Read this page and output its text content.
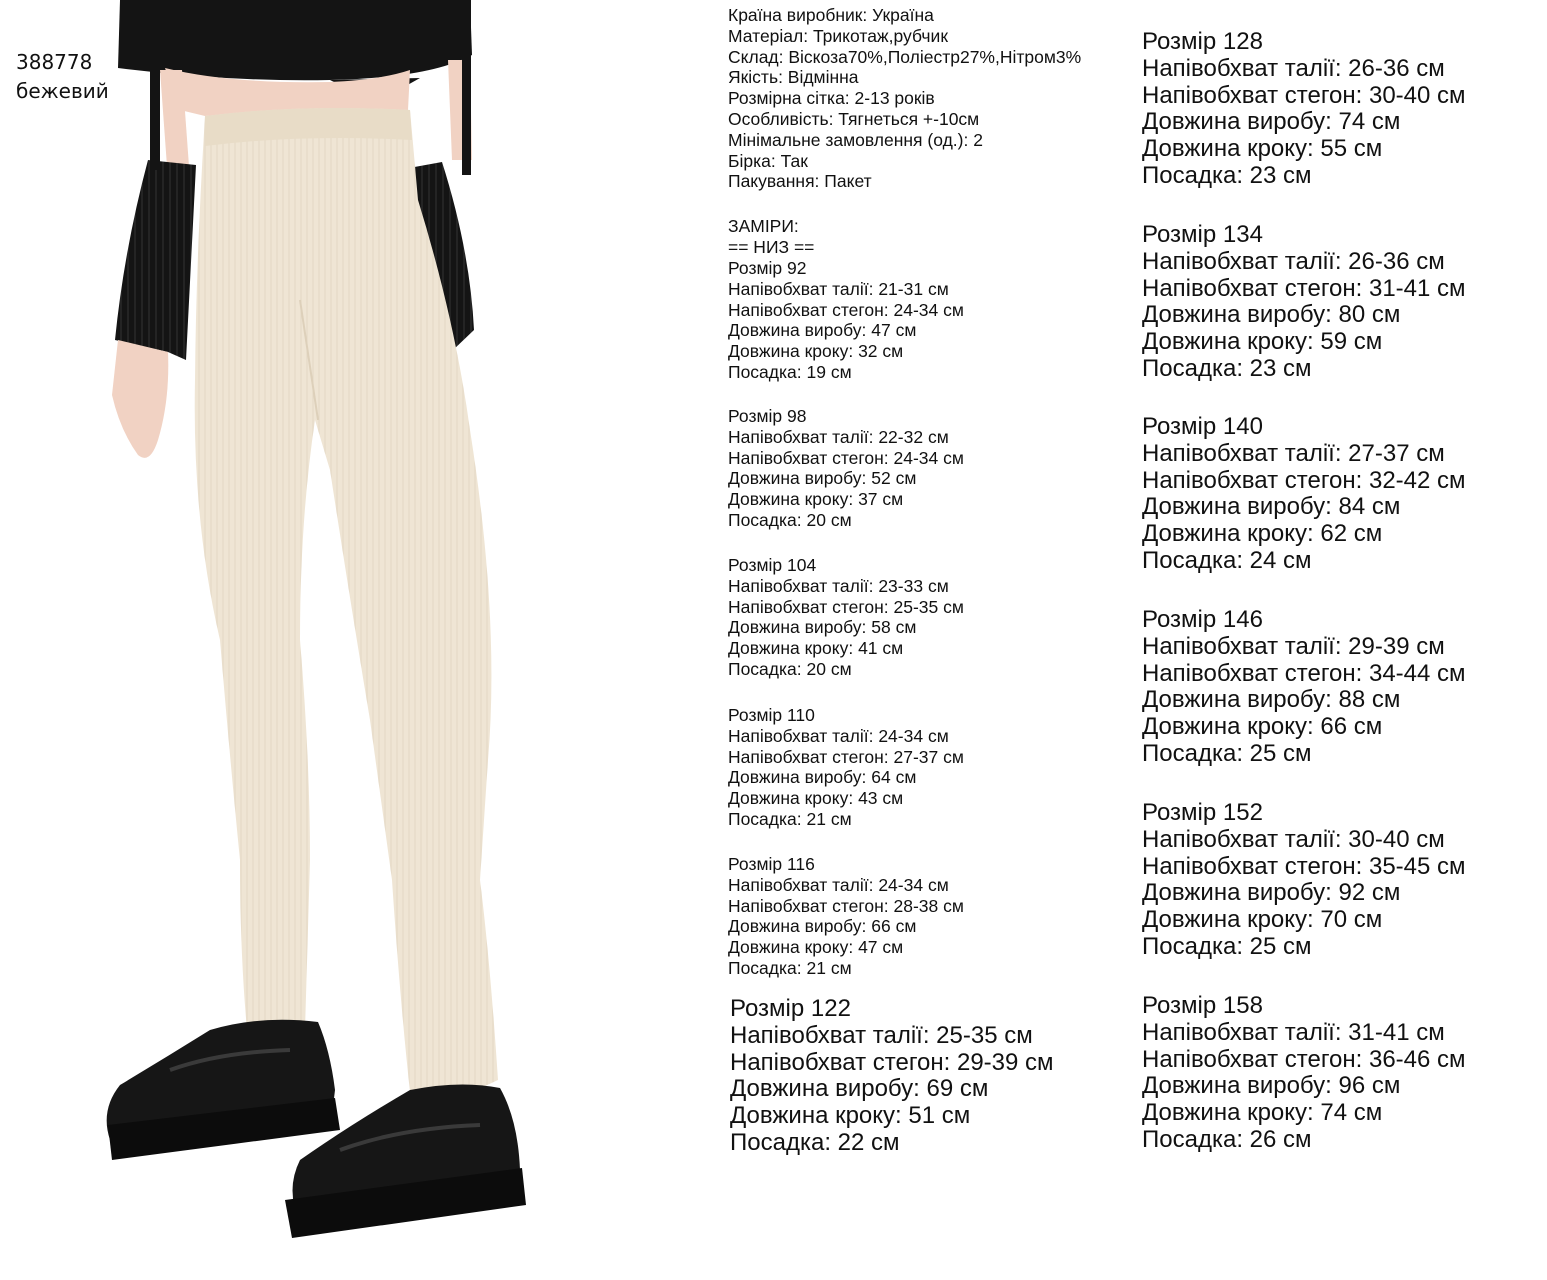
388778
бежевий
Країна виробник: Україна
Матеріал: Трикотаж,рубчик
Склад: Віскоза70%,Поліестр27%,Нітром3%
Якість: Відмінна
Розмірна сітка: 2-13 років
Особливість: Тягнеться +-10см
Мінімальне замовлення (од.): 2
Бірка: Так
Пакування: Пакет
ЗАМІРИ:
== НИЗ ==
Розмір 92
Напівобхват талії: 21-31 см
Напівобхват стегон: 24-34 см
Довжина виробу: 47 см
Довжина кроку: 32 см
Посадка: 19 см
Розмір 98
Напівобхват талії: 22-32 см
Напівобхват стегон: 24-34 см
Довжина виробу: 52 см
Довжина кроку: 37 см
Посадка: 20 см
Розмір 104
Напівобхват талії: 23-33 см
Напівобхват стегон: 25-35 см
Довжина виробу: 58 см
Довжина кроку: 41 см
Посадка: 20 см
Розмір 110
Напівобхват талії: 24-34 см
Напівобхват стегон: 27-37 см
Довжина виробу: 64 см
Довжина кроку: 43 см
Посадка: 21 см
Розмір 116
Напівобхват талії: 24-34 см
Напівобхват стегон: 28-38 см
Довжина виробу: 66 см
Довжина кроку: 47 см
Посадка: 21 см
Розмір 122
Напівобхват талії: 25-35 см
Напівобхват стегон: 29-39 см
Довжина виробу: 69 см
Довжина кроку: 51 см
Посадка: 22 см
Розмір 128
Напівобхват талії: 26-36 см
Напівобхват стегон: 30-40 см
Довжина виробу: 74 см
Довжина кроку: 55 см
Посадка: 23 см
Розмір 134
Напівобхват талії: 26-36 см
Напівобхват стегон: 31-41 см
Довжина виробу: 80 см
Довжина кроку: 59 см
Посадка: 23 см
Розмір 140
Напівобхват талії: 27-37 см
Напівобхват стегон: 32-42 см
Довжина виробу: 84 см
Довжина кроку: 62 см
Посадка: 24 см
Розмір 146
Напівобхват талії: 29-39 см
Напівобхват стегон: 34-44 см
Довжина виробу: 88 см
Довжина кроку: 66 см
Посадка: 25 см
Розмір 152
Напівобхват талії: 30-40 см
Напівобхват стегон: 35-45 см
Довжина виробу: 92 см
Довжина кроку: 70 см
Посадка: 25 см
Розмір 158
Напівобхват талії: 31-41 см
Напівобхват стегон: 36-46 см
Довжина виробу: 96 см
Довжина кроку: 74 см
Посадка: 26 см
